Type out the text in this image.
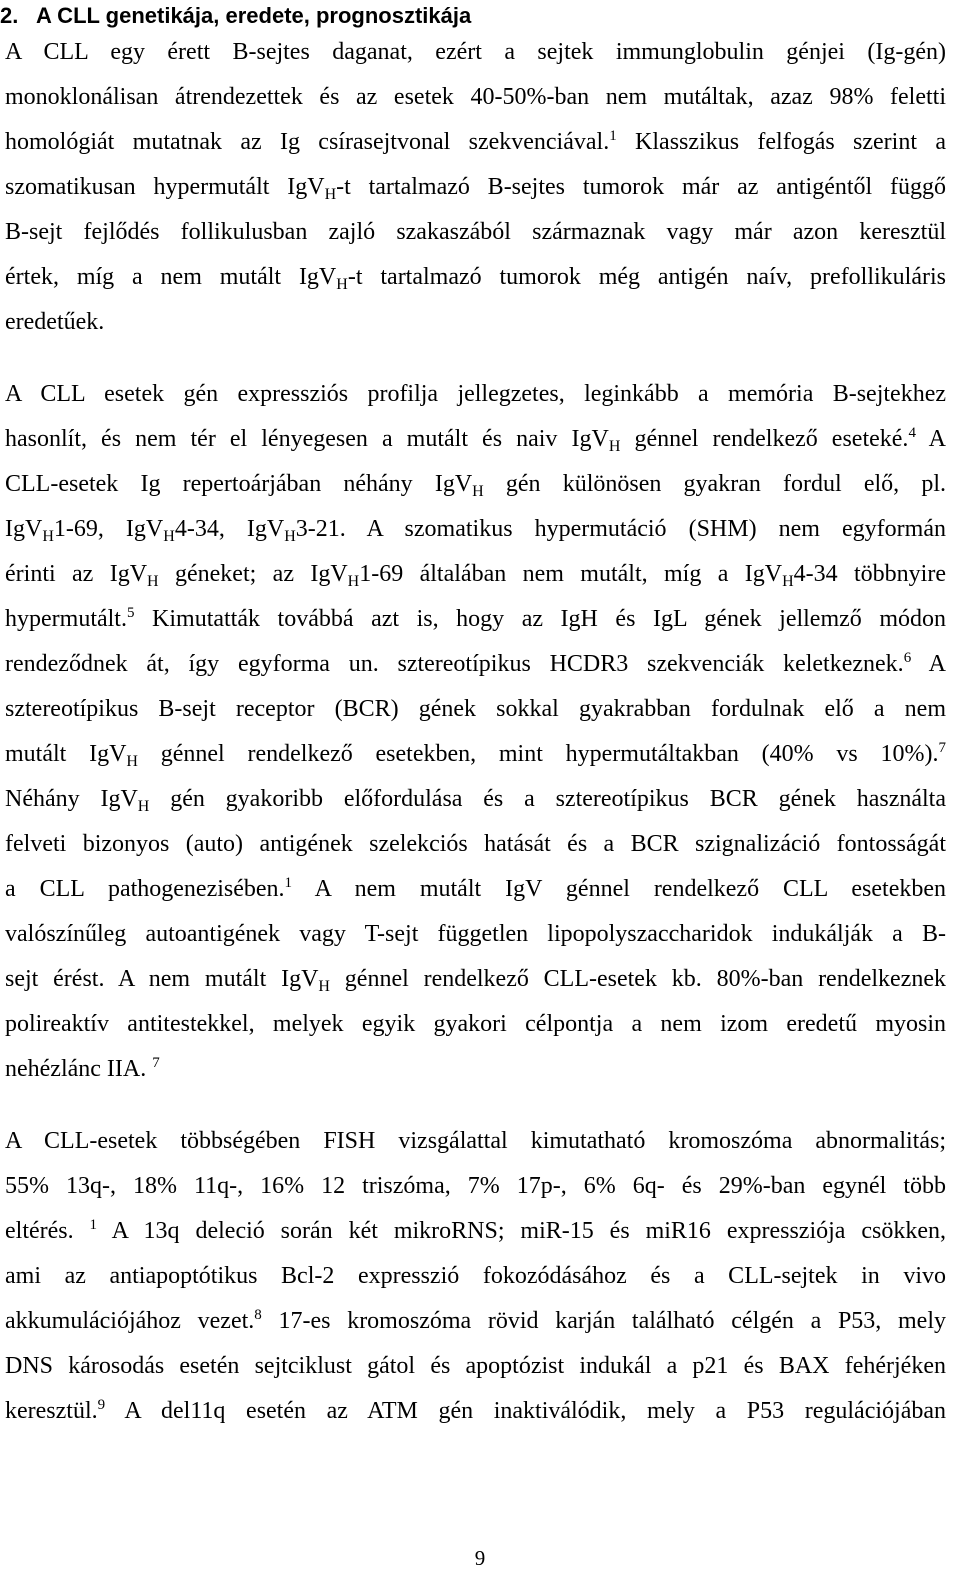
2. A CLL genetikája, eredete, prognosztikája
A CLL egy érett B-sejtes daganat, ezért a sejtek immunglobulin génjei (Ig-gén)
monoklonálisan átrendezettek és az esetek 40-50%-ban nem mutáltak, azaz 98% feletti
homológiát mutatnak az Ig csírasejtvonal szekvenciával.$^1$ Klasszikus felfogás szerint a
szomatikusan hypermutált IgV$_H$-t tartalmazó B-sejtes tumorok már az antigéntől függő
B-sejt fejlődés follikulusban zajló szakaszából származnak vagy már azon keresztül
értek, míg a nem mutált IgV$_H$-t tartalmazó tumorok még antigén naív, prefollikuláris
eredetűek.
A CLL esetek gén expressziós profilja jellegzetes, leginkább a memória B-sejtekhez
hasonlít, és nem tér el lényegesen a mutált és naiv IgV$_H$ génnel rendelkező eseteké.$^4$ A
CLL-esetek Ig repertoárjában néhány IgV$_H$ gén különösen gyakran fordul elő, pl.
IgV$_H$1-69, IgV$_H$4-34, IgV$_H$3-21. A szomatikus hypermutáció (SHM) nem egyformán
érinti az IgV$_H$ géneket; az IgV$_H$1-69 általában nem mutált, míg a IgV$_H$4-34 többnyire
hypermutált.$^5$ Kimutatták továbbá azt is, hogy az IgH és IgL gének jellemző módon
rendeződnek át, így egyforma un. sztereotípikus HCDR3 szekvenciák keletkeznek.$^6$ A
sztereotípikus B-sejt receptor (BCR) gének sokkal gyakrabban fordulnak elő a nem
mutált IgV$_H$ génnel rendelkező esetekben, mint hypermutáltakban (40% vs 10%).$^7$
Néhány IgV$_H$ gén gyakoribb előfordulása és a sztereotípikus BCR gének használta
felveti bizonyos (auto) antigének szelekciós hatását és a BCR szignalizáció fontosságát
a CLL pathogenezisében.$^1$ A nem mutált IgV génnel rendelkező CLL esetekben
valószínűleg autoantigének vagy T-sejt független lipopolyszaccharidok indukálják a B-
sejt érést. A nem mutált IgV$_H$ génnel rendelkező CLL-esetek kb. 80%-ban rendelkeznek
polireaktív antitestekkel, melyek egyik gyakori célpontja a nem izom eredetű myosin
nehézlánc IIA. $^7$
A CLL-esetek többségében FISH vizsgálattal kimutatható kromoszóma abnormalitás;
55% 13q-, 18% 11q-, 16% 12 triszóma, 7% 17p-, 6% 6q- és 29%-ban egynél több
eltérés. $^1$ A 13q deleció során két mikroRNS; miR-15 és miR16 expressziója csökken,
ami az antiapoptótikus Bcl-2 expresszió fokozódásához és a CLL-sejtek in vivo
akkumulációjához vezet.$^8$ 17-es kromoszóma rövid karján található célgén a P53, mely
DNS károsodás esetén sejtciklust gátol és apoptózist indukál a p21 és BAX fehérjéken
keresztül.$^9$ A del11q esetén az ATM gén inaktiválódik, mely a P53 regulációjában
9
